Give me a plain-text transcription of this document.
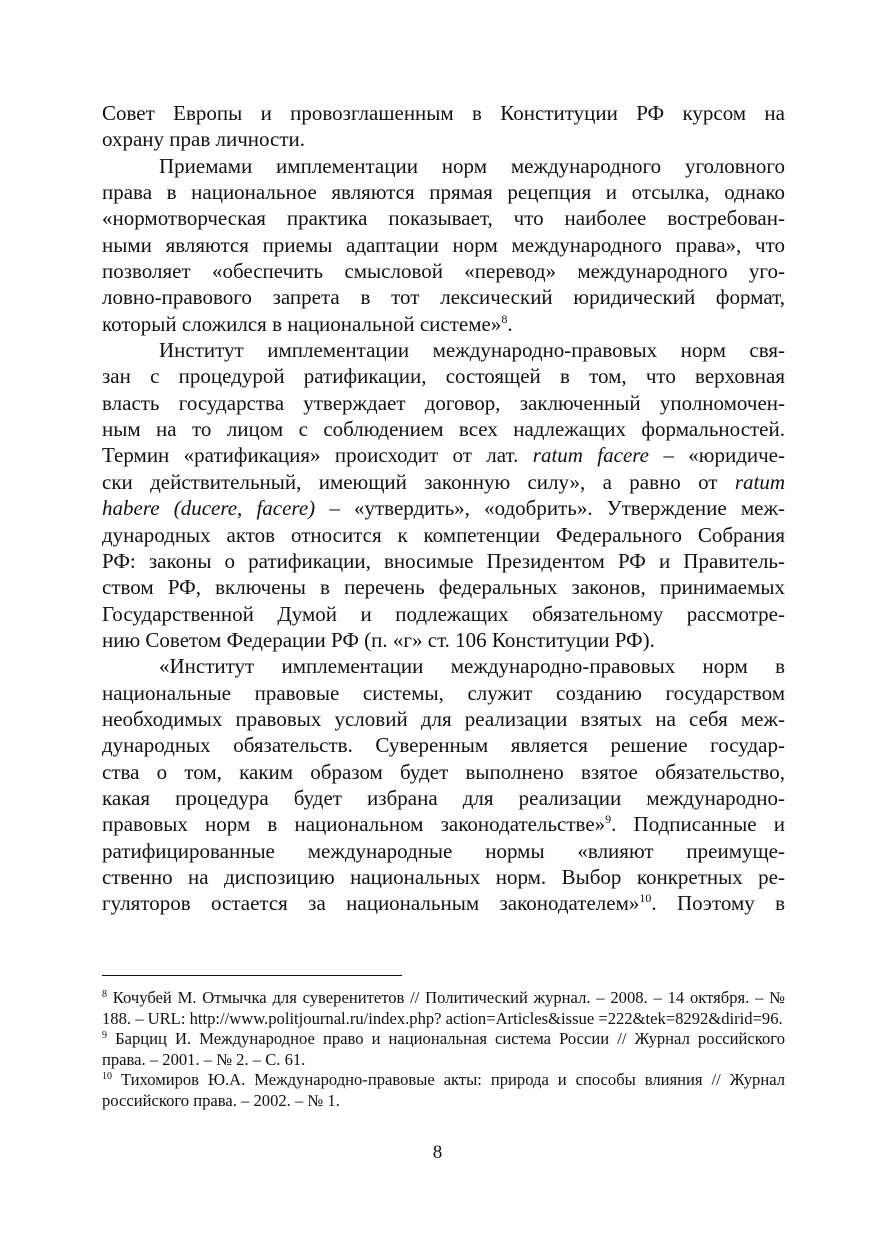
Совет Европы и провозглашенным в Конституции РФ курсом на
охрану прав личности.
Приемами имплементации норм международного уголовного
права в национальное являются прямая рецепция и отсылка, однако
«нормотворческая практика показывает, что наиболее востребован-
ными являются приемы адаптации норм международного права», что
позволяет «обеспечить смысловой «перевод» международного уго-
ловно-правового запрета в тот лексический юридический формат,
который сложился в национальной системе»$^8$.
Институт имплементации международно-правовых норм свя-
зан с процедурой ратификации, состоящей в том, что верховная
власть государства утверждает договор, заключенный уполномочен-
ным на то лицом с соблюдением всех надлежащих формальностей.
Термин «ратификация» происходит от лат. ratum facere – «юридиче-
ски действительный, имеющий законную силу», а равно от ratum
habere (ducere, facere) – «утвердить», «одобрить». Утверждение меж-
дународных актов относится к компетенции Федерального Собрания
РФ: законы о ратификации, вносимые Президентом РФ и Правитель-
ством РФ, включены в перечень федеральных законов, принимаемых
Государственной Думой и подлежащих обязательному рассмотре-
нию Советом Федерации РФ (п. «г» ст. 106 Конституции РФ).
«Институт имплементации международно-правовых норм в
национальные правовые системы, служит созданию государством
необходимых правовых условий для реализации взятых на себя меж-
дународных обязательств. Суверенным является решение государ-
ства о том, каким образом будет выполнено взятое обязательство,
какая процедура будет избрана для реализации международно-
правовых норм в национальном законодательстве»$^9$. Подписанные и
ратифицированные международные нормы «влияют преимуще-
ственно на диспозицию национальных норм. Выбор конкретных ре-
гуляторов остается за национальным законодателем»$^{10}$. Поэтому в
$^8$ Кочубей М. Отмычка для суверенитетов // Политический журнал. – 2008. – 14 октября. – № 188. – URL: http://www.politjournal.ru/index.php? action=Articles&issue =222&tek=8292&dirid=96.
$^9$ Барциц И. Международное право и национальная система России // Журнал российского права. – 2001. – № 2. – С. 61.
$^{10}$ Тихомиров Ю.А. Международно-правовые акты: природа и способы влияния // Журнал российского права. – 2002. – № 1.
8
